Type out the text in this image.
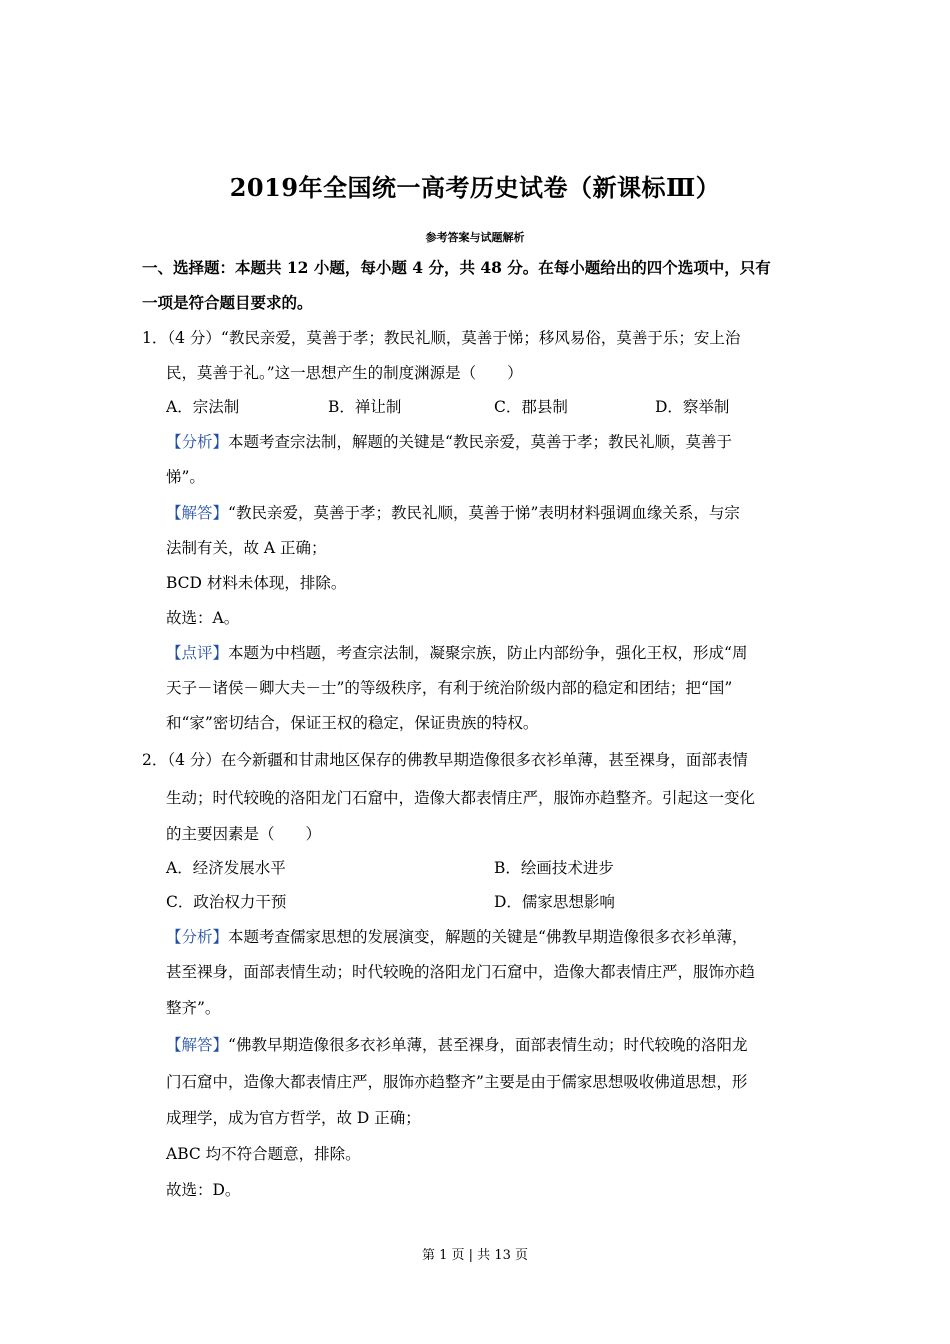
2019年全国统一高考历史试卷（新课标Ⅲ）
参考答案与试题解析
一、选择题：本题共 12 小题，每小题 4 分，共 48 分。在每小题给出的四个选项中，只有
一项是符合题目要求的。
1．（4 分）“教民亲爱，莫善于孝；教民礼顺，莫善于悌；移风易俗，莫善于乐；安上治
民，莫善于礼。”这一思想产生的制度渊源是（　　）
A．宗法制	B．禅让制	C．郡县制	D．察举制
【分析】本题考查宗法制，解题的关键是“教民亲爱，莫善于孝；教民礼顺，莫善于
悌”。
【解答】“教民亲爱，莫善于孝；教民礼顺，莫善于悌”表明材料强调血缘关系，与宗
法制有关，故 A 正确；
BCD 材料未体现，排除。
故选：A。
【点评】本题为中档题，考查宗法制，凝聚宗族，防止内部纷争，强化王权，形成“周
天子－诸侯－卿大夫－士”的等级秩序，有利于统治阶级内部的稳定和团结；把“国”
和“家”密切结合，保证王权的稳定，保证贵族的特权。
2．（4 分）在今新疆和甘肃地区保存的佛教早期造像很多衣衫单薄，甚至裸身，面部表情
生动；时代较晚的洛阳龙门石窟中，造像大都表情庄严，服饰亦趋整齐。引起这一变化
的主要因素是（　　）
A．经济发展水平	B．绘画技术进步
C．政治权力干预	D．儒家思想影响
【分析】本题考查儒家思想的发展演变，解题的关键是“佛教早期造像很多衣衫单薄，
甚至裸身，面部表情生动；时代较晚的洛阳龙门石窟中，造像大都表情庄严，服饰亦趋
整齐”。
【解答】“佛教早期造像很多衣衫单薄，甚至裸身，面部表情生动；时代较晚的洛阳龙
门石窟中，造像大都表情庄严，服饰亦趋整齐”主要是由于儒家思想吸收佛道思想，形
成理学，成为官方哲学，故 D 正确；
ABC 均不符合题意，排除。
故选：D。
第 1 页 | 共 13 页
